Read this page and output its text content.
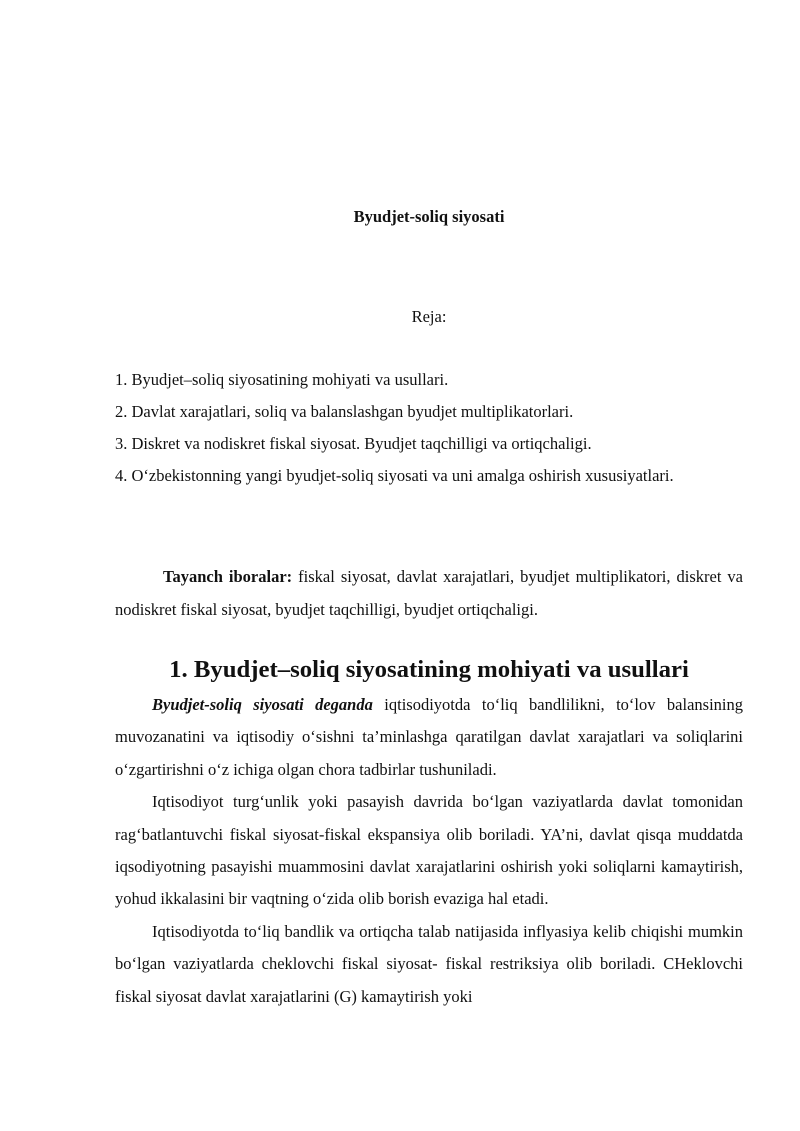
Byudjet-soliq siyosati
Reja:
1. Byudjet–soliq siyosatining mohiyati va usullari.
2. Davlat xarajatlari, soliq va balanslashgan byudjet multiplikatorlari.
3. Diskret va nodiskret fiskal siyosat. Byudjet taqchilligi va ortiqchaligi.
4. O‘zbekistonning yangi byudjet-soliq siyosati va uni amalga oshirish xususiyatlari.

Tayanch iboralar: fiskal siyosat, davlat xarajatlari, byudjet multiplikatori, diskret va nodiskret fiskal siyosat, byudjet taqchilligi, byudjet ortiqchaligi.

1. Byudjet–soliq siyosatining mohiyati va usullari

Byudjet-soliq siyosati deganda iqtisodiyotda to‘liq bandlilikni, to‘lov balansining muvozanatini va iqtisodiy o‘sishni ta’minlashga qaratilgan davlat xarajatlari va soliqlarini o‘zgartirishni o‘z ichiga olgan chora tadbirlar tushuniladi.

Iqtisodiyot turg‘unlik yoki pasayish davrida bo‘lgan vaziyatlarda davlat tomonidan rag‘batlantuvchi fiskal siyosat-fiskal ekspansiya olib boriladi. YA’ni, davlat qisqa muddatda iqsodiyotning pasayishi muammosini davlat xarajatlarini oshirish yoki soliqlarni kamaytirish, yohud ikkalasini bir vaqtning o‘zida olib borish evaziga hal etadi.

Iqtisodiyotda to‘liq bandlik va ortiqcha talab natijasida inflyasiya kelib chiqishi mumkin bo‘lgan vaziyatlarda cheklovchi fiskal siyosat- fiskal restriksiya olib boriladi. CHeklovchi fiskal siyosat davlat xarajatlarini (G) kamaytirish yoki
